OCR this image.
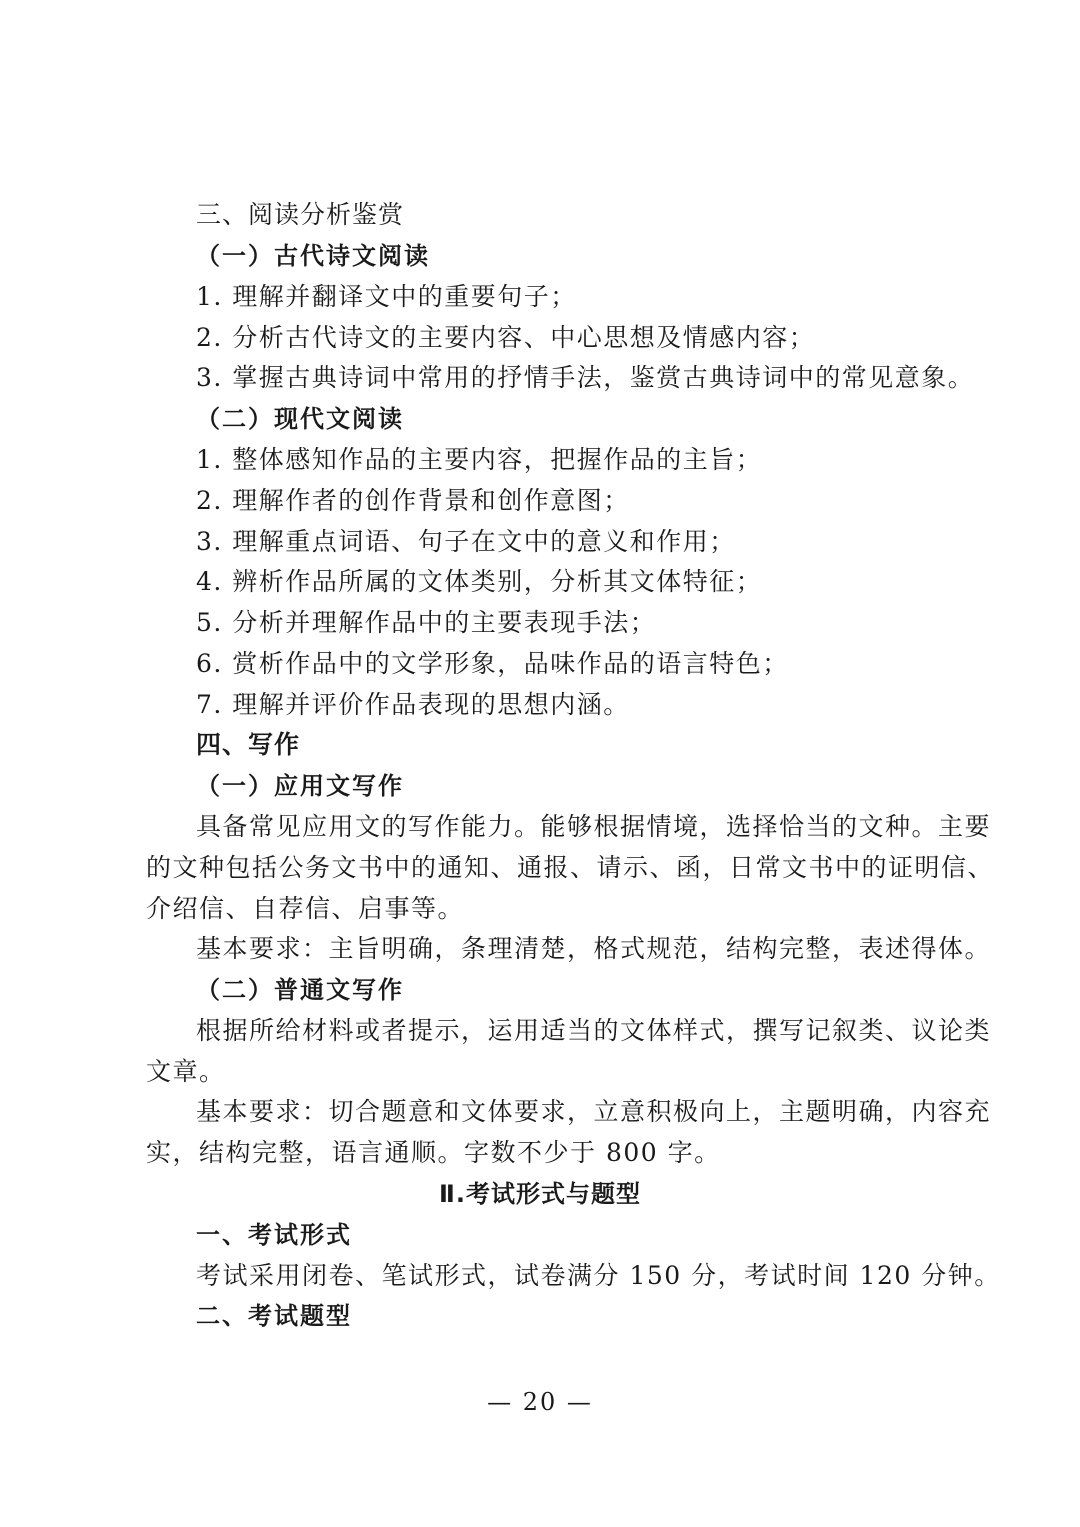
三、阅读分析鉴赏
（一）古代诗文阅读
1. 理解并翻译文中的重要句子；
2. 分析古代诗文的主要内容、中心思想及情感内容；
3. 掌握古典诗词中常用的抒情手法，鉴赏古典诗词中的常见意象。
（二）现代文阅读
1. 整体感知作品的主要内容，把握作品的主旨；
2. 理解作者的创作背景和创作意图；
3. 理解重点词语、句子在文中的意义和作用；
4. 辨析作品所属的文体类别，分析其文体特征；
5. 分析并理解作品中的主要表现手法；
6. 赏析作品中的文学形象，品味作品的语言特色；
7. 理解并评价作品表现的思想内涵。
四、写作
（一）应用文写作
具备常见应用文的写作能力。能够根据情境，选择恰当的文种。主要
的文种包括公务文书中的通知、通报、请示、函，日常文书中的证明信、
介绍信、自荐信、启事等。
基本要求：主旨明确，条理清楚，格式规范，结构完整，表述得体。
（二）普通文写作
根据所给材料或者提示，运用适当的文体样式，撰写记叙类、议论类
文章。
基本要求：切合题意和文体要求，立意积极向上，主题明确，内容充
实，结构完整，语言通顺。字数不少于 800 字。
Ⅱ.考试形式与题型
一、考试形式
考试采用闭卷、笔试形式，试卷满分 150 分，考试时间 120 分钟。
二、考试题型
— 20 —
